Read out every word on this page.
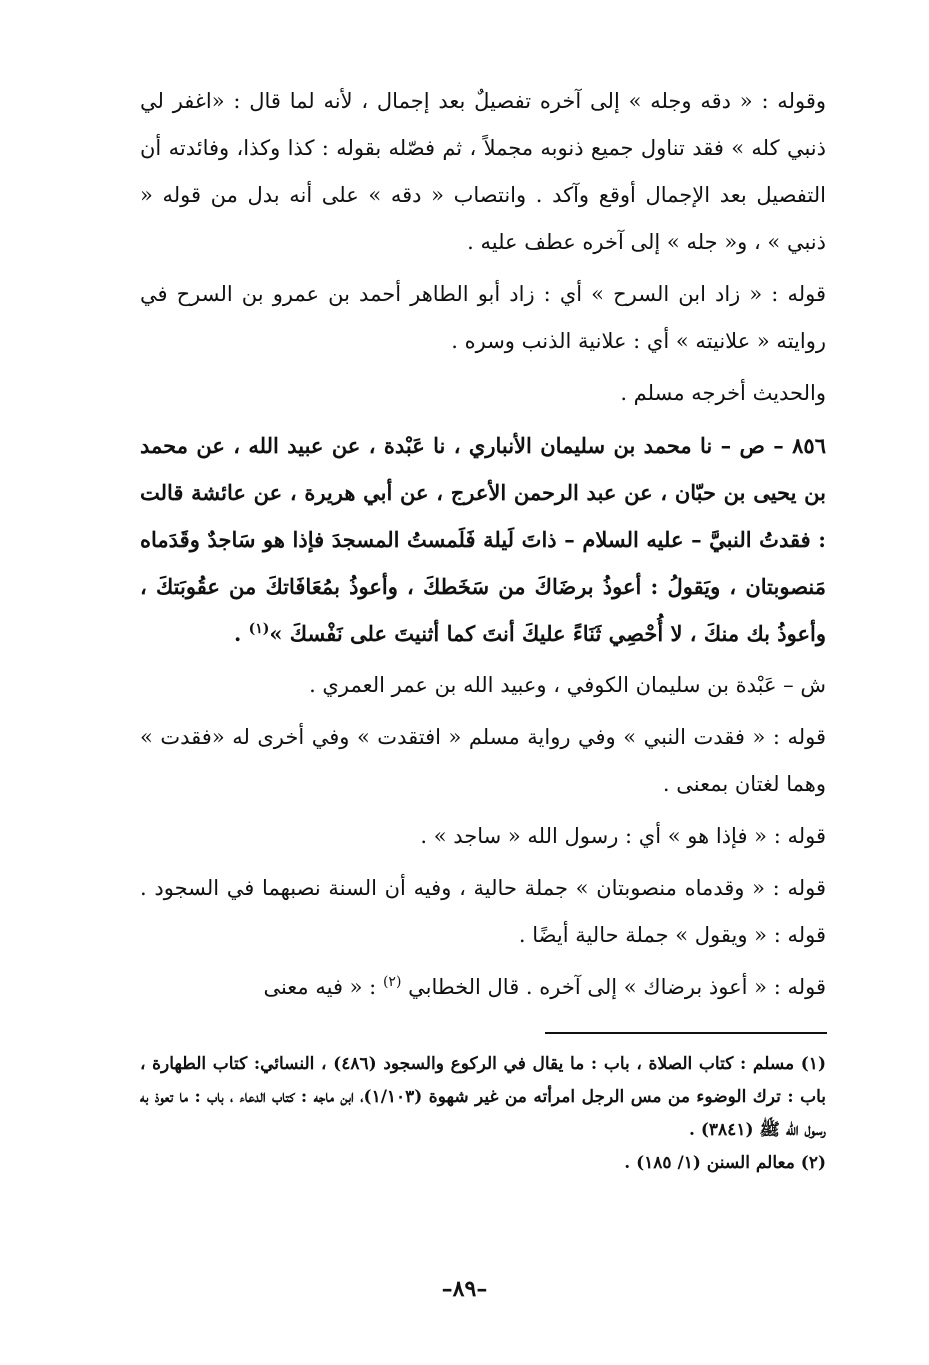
وقوله : « دقه وجله » إلى آخره تفصيلٌ بعد إجمال ، لأنه لما قال : «اغفر لي ذنبي كله » فقد تناول جميع ذنوبه مجملاً ، ثم فصّله بقوله : كذا وكذا، وفائدته أن التفصيل بعد الإجمال أوقع وآكد . وانتصاب « دقه » على أنه بدل من قوله « ذنبي » ، و« جله » إلى آخره عطف عليه .

قوله : « زاد ابن السرح » أي : زاد أبو الطاهر أحمد بن عمرو بن السرح في روايته « علانيته » أي : علانية الذنب وسره .

والحديث أخرجه مسلم .

٨٥٦ – ص – نا محمد بن سليمان الأنباري ، نا عَبْدة ، عن عبيد الله ، عن محمد بن يحيى بن حبّان ، عن عبد الرحمن الأعرج ، عن أبي هريرة ، عن عائشة قالت : فقدتُ النبيَّ – عليه السلام – ذاتَ لَيلة فَلَمستُ المسجدَ فإذا هو سَاجدٌ وقَدَماه مَنصوبتان ، ويَقولُ : أعوذُ برضَاكَ من سَخَطكَ ، وأعوذُ بمُعَافَاتكَ من عقُوبَتكَ ، وأعوذُ بك منكَ ، لا أُحْصِي ثَنَاءً عليكَ أنتَ كما أثنيتَ على نَفْسكَ »$^{(١)}$ .

ش – عَبْدة بن سليمان الكوفي ، وعبيد الله بن عمر العمري .

قوله : « فقدت النبي » وفي رواية مسلم « افتقدت » وفي أخرى له «فقدت » وهما لغتان بمعنى .

قوله : « فإذا هو » أي : رسول الله « ساجد » .

قوله : « وقدماه منصوبتان » جملة حالية ، وفيه أن السنة نصبهما في السجود . قوله : « ويقول » جملة حالية أيضًا .

قوله : « أعوذ برضاك » إلى آخره . قال الخطابي $^{(٢)}$ : « فيه معنى

(١) مسلم : كتاب الصلاة ، باب : ما يقال في الركوع والسجود (٤٨٦) ، النسائي: كتاب الطهارة ، باب : ترك الوضوء من مس الرجل امرأته من غير شهوة (١/١٠٣)، ابن ماجه : كتاب الدعاء ، باب : ما تعوذ به رسول الله ﷺ (٣٨٤١) .

(٢) معالم السنن (١/ ١٨٥) .

–٨٩–
